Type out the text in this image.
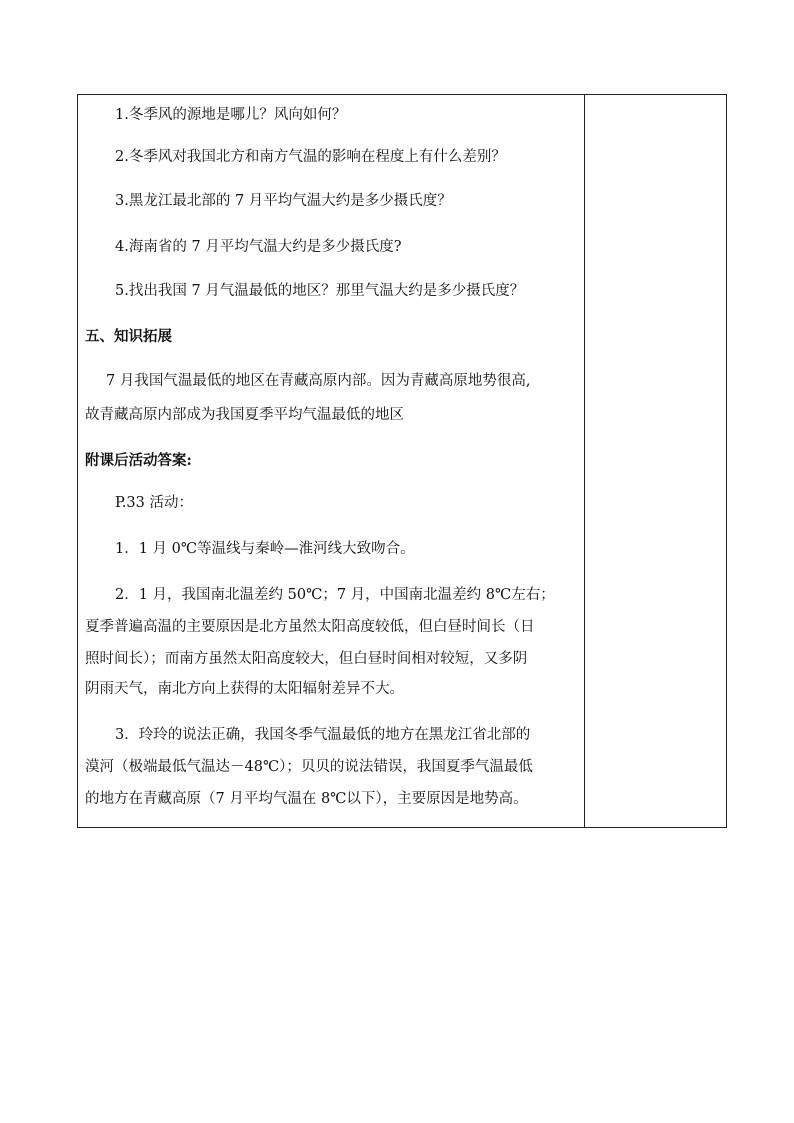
1.冬季风的源地是哪儿？风向如何？
2.冬季风对我国北方和南方气温的影响在程度上有什么差别？
3.黑龙江最北部的 7 月平均气温大约是多少摄氏度？
4.海南省的 7 月平均气温大约是多少摄氏度?
5.找出我国 7 月气温最低的地区？那里气温大约是多少摄氏度？
五、知识拓展
7 月我国气温最低的地区在青藏高原内部。因为青藏高原地势很高,
故青藏高原内部成为我国夏季平均气温最低的地区
附课后活动答案:
P.33 活动：
1．1 月 0℃等温线与秦岭—淮河线大致吻合。
2．1 月，我国南北温差约 50℃；7 月，中国南北温差约 8℃左右；
夏季普遍高温的主要原因是北方虽然太阳高度较低，但白昼时间长（日
照时间长）；而南方虽然太阳高度较大，但白昼时间相对较短，又多阴
阴雨天气，南北方向上获得的太阳辐射差异不大。
3．玲玲的说法正确，我国冬季气温最低的地方在黑龙江省北部的
漠河（极端最低气温达－48℃）；贝贝的说法错误，我国夏季气温最低
的地方在青藏高原（7 月平均气温在 8℃以下），主要原因是地势高。
